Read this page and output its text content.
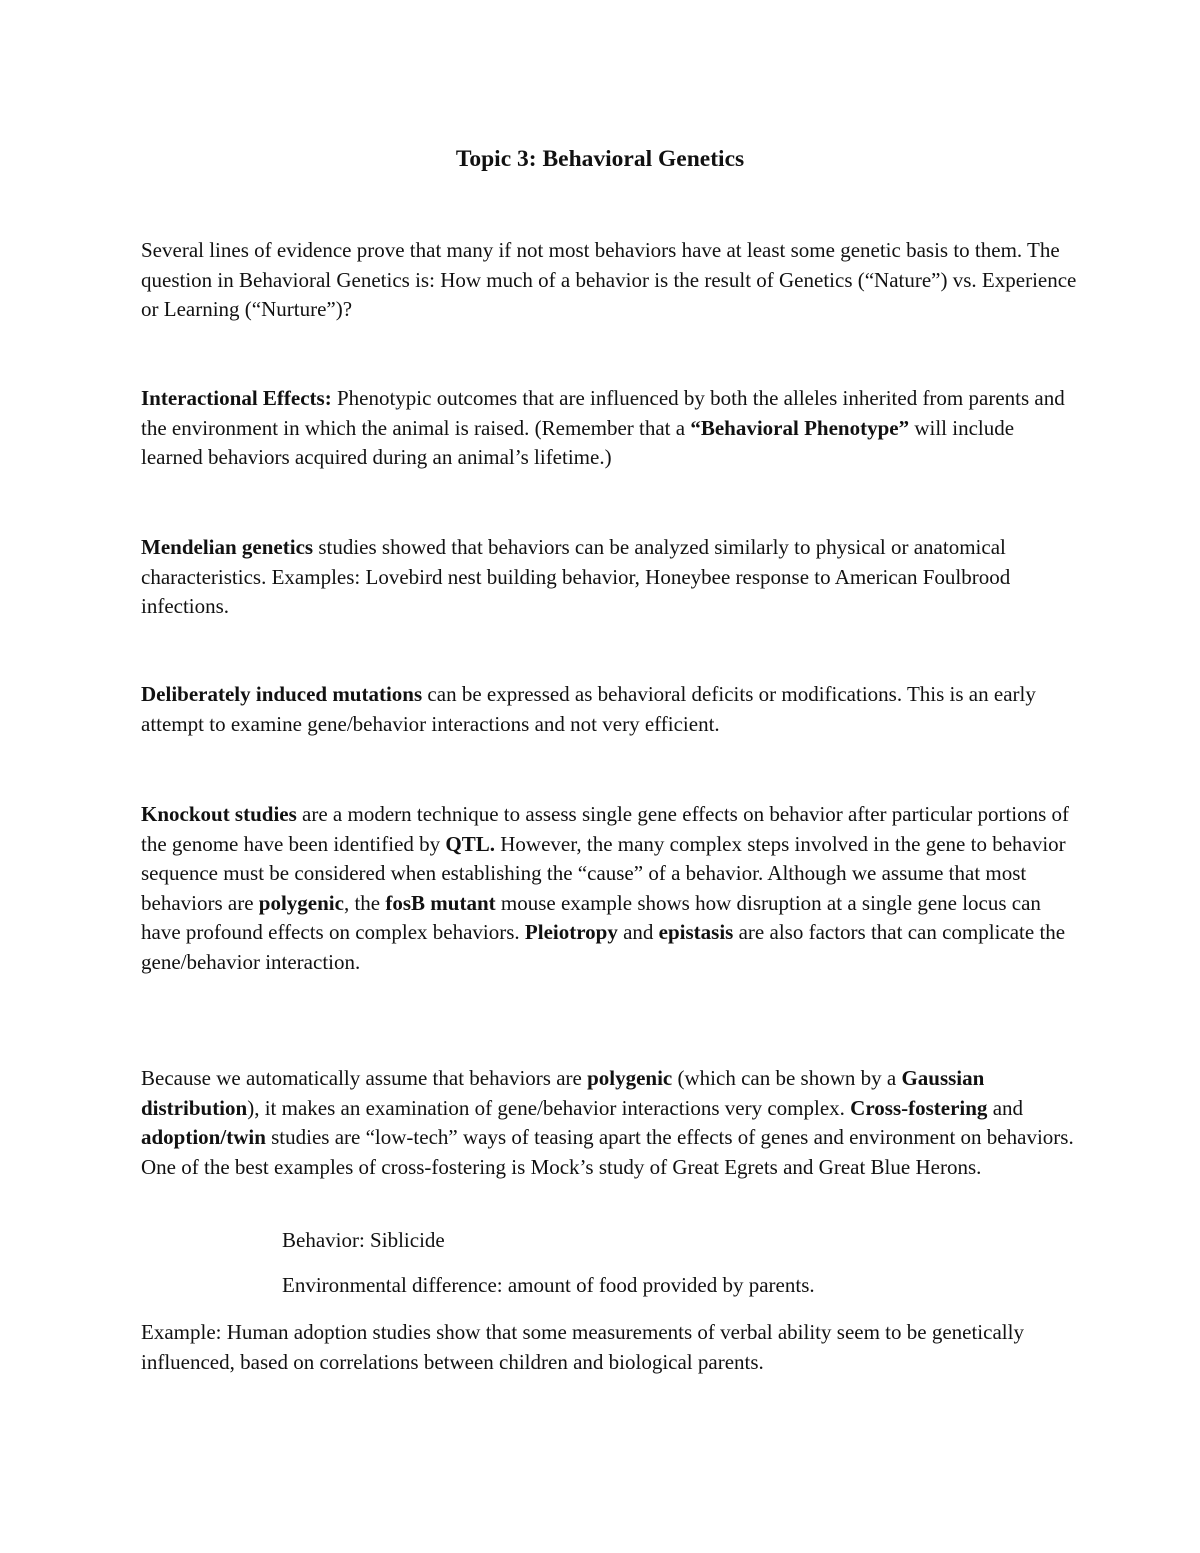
Topic 3: Behavioral Genetics

Several lines of evidence prove that many if not most behaviors have at least some genetic basis to them. The question in Behavioral Genetics is: How much of a behavior is the result of Genetics (“Nature”) vs. Experience or Learning (“Nurture”)?

Interactional Effects: Phenotypic outcomes that are influenced by both the alleles inherited from parents and the environment in which the animal is raised. (Remember that a “Behavioral Phenotype” will include learned behaviors acquired during an animal’s lifetime.)

Mendelian genetics studies showed that behaviors can be analyzed similarly to physical or anatomical characteristics. Examples: Lovebird nest building behavior, Honeybee response to American Foulbrood infections.

Deliberately induced mutations can be expressed as behavioral deficits or modifications. This is an early attempt to examine gene/behavior interactions and not very efficient.

Knockout studies are a modern technique to assess single gene effects on behavior after particular portions of the genome have been identified by QTL. However, the many complex steps involved in the gene to behavior sequence must be considered when establishing the “cause” of a behavior. Although we assume that most behaviors are polygenic, the fosB mutant mouse example shows how disruption at a single gene locus can have profound effects on complex behaviors. Pleiotropy and epistasis are also factors that can complicate the gene/behavior interaction.

Because we automatically assume that behaviors are polygenic (which can be shown by a Gaussian distribution), it makes an examination of gene/behavior interactions very complex. Cross-fostering and adoption/twin studies are “low-tech” ways of teasing apart the effects of genes and environment on behaviors. One of the best examples of cross-fostering is Mock’s study of Great Egrets and Great Blue Herons.

Behavior: Siblicide

Environmental difference: amount of food provided by parents.

Example: Human adoption studies show that some measurements of verbal ability seem to be genetically influenced, based on correlations between children and biological parents.
